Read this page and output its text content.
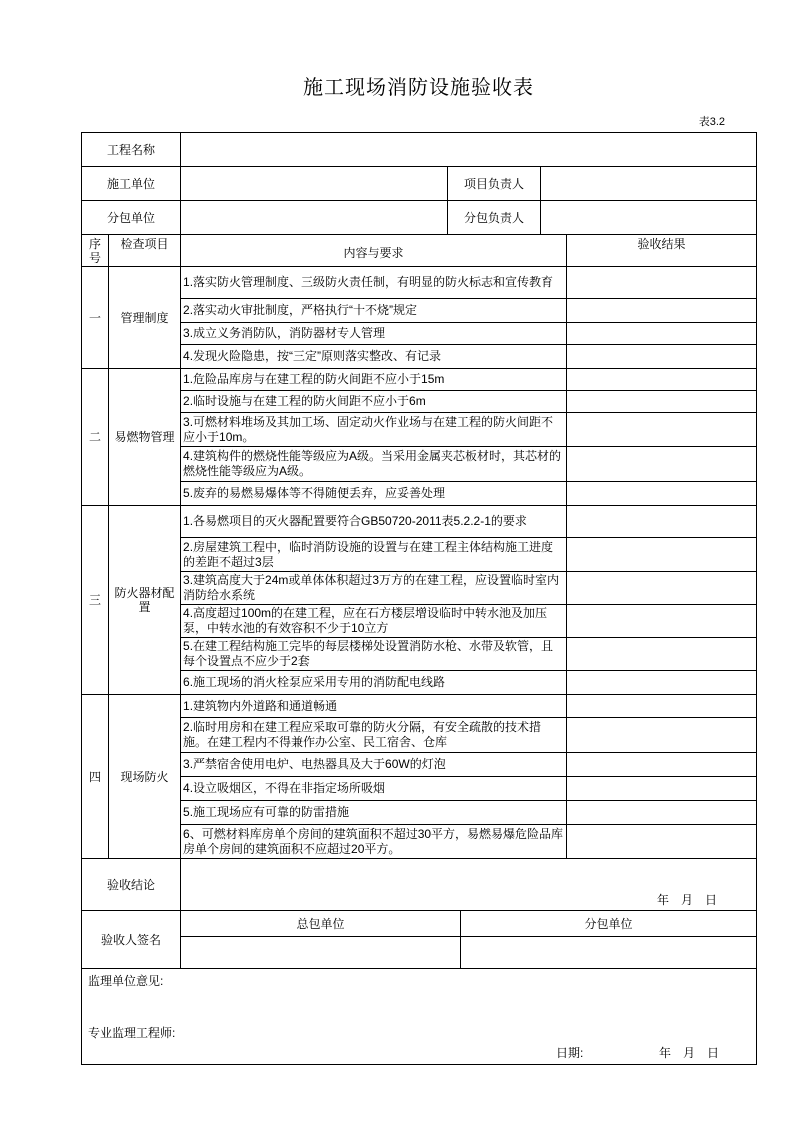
施工现场消防设施验收表
表3.2
工程名称						
施工单位			项目负责人			
分包单位			分包负责人			
序号	检查项目	内容与要求				验收结果
一	管理制度	1.落实防火管理制度、三级防火责任制，有明显的防火标志和宣传教育				
		2.落实动火审批制度，严格执行“十不烧”规定				
		3.成立义务消防队，消防器材专人管理				
		4.发现火险隐患，按“三定”原则落实整改、有记录				
二	易燃物管理	1.危险品库房与在建工程的防火间距不应小于15m				
		2.临时设施与在建工程的防火间距不应小于6m				
		3.可燃材料堆场及其加工场、固定动火作业场与在建工程的防火间距不应小于10m。				
		4.建筑构件的燃烧性能等级应为A级。当采用金属夹芯板材时，其芯材的燃烧性能等级应为A级。				
		5.废弃的易燃易爆体等不得随便丢弃，应妥善处理				
三	防火器材配置	1.各易燃项目的灭火器配置要符合GB50720-2011表5.2.2-1的要求				
		2.房屋建筑工程中，临时消防设施的设置与在建工程主体结构施工进度的差距不超过3层				
		3.建筑高度大于24m或单体体积超过3万方的在建工程，应设置临时室内消防给水系统				
		4.高度超过100m的在建工程，应在石方楼层增设临时中转水池及加压泵，中转水池的有效容积不少于10立方				
		5.在建工程结构施工完毕的每层楼梯处设置消防水枪、水带及软管，且每个设置点不应少于2套				
		6.施工现场的消火栓泵应采用专用的消防配电线路				
四	现场防火	1.建筑物内外道路和通道畅通				
		2.临时用房和在建工程应采取可靠的防火分隔，有安全疏散的技术措施。在建工程内不得兼作办公室、民工宿舍、仓库				
		3.严禁宿舍使用电炉、电热器具及大于60W的灯泡				
		4.设立吸烟区，不得在非指定场所吸烟				
		5.施工现场应有可靠的防雷措施				
		6、可燃材料库房单个房间的建筑面积不超过30平方，易燃易爆危险品库房单个房间的建筑面积不应超过20平方。				
验收结论		年　月　日				
验收人签名		总包单位		分包单位		

监理单位意见:
专业监理工程师:
日期: 年　月　日						
